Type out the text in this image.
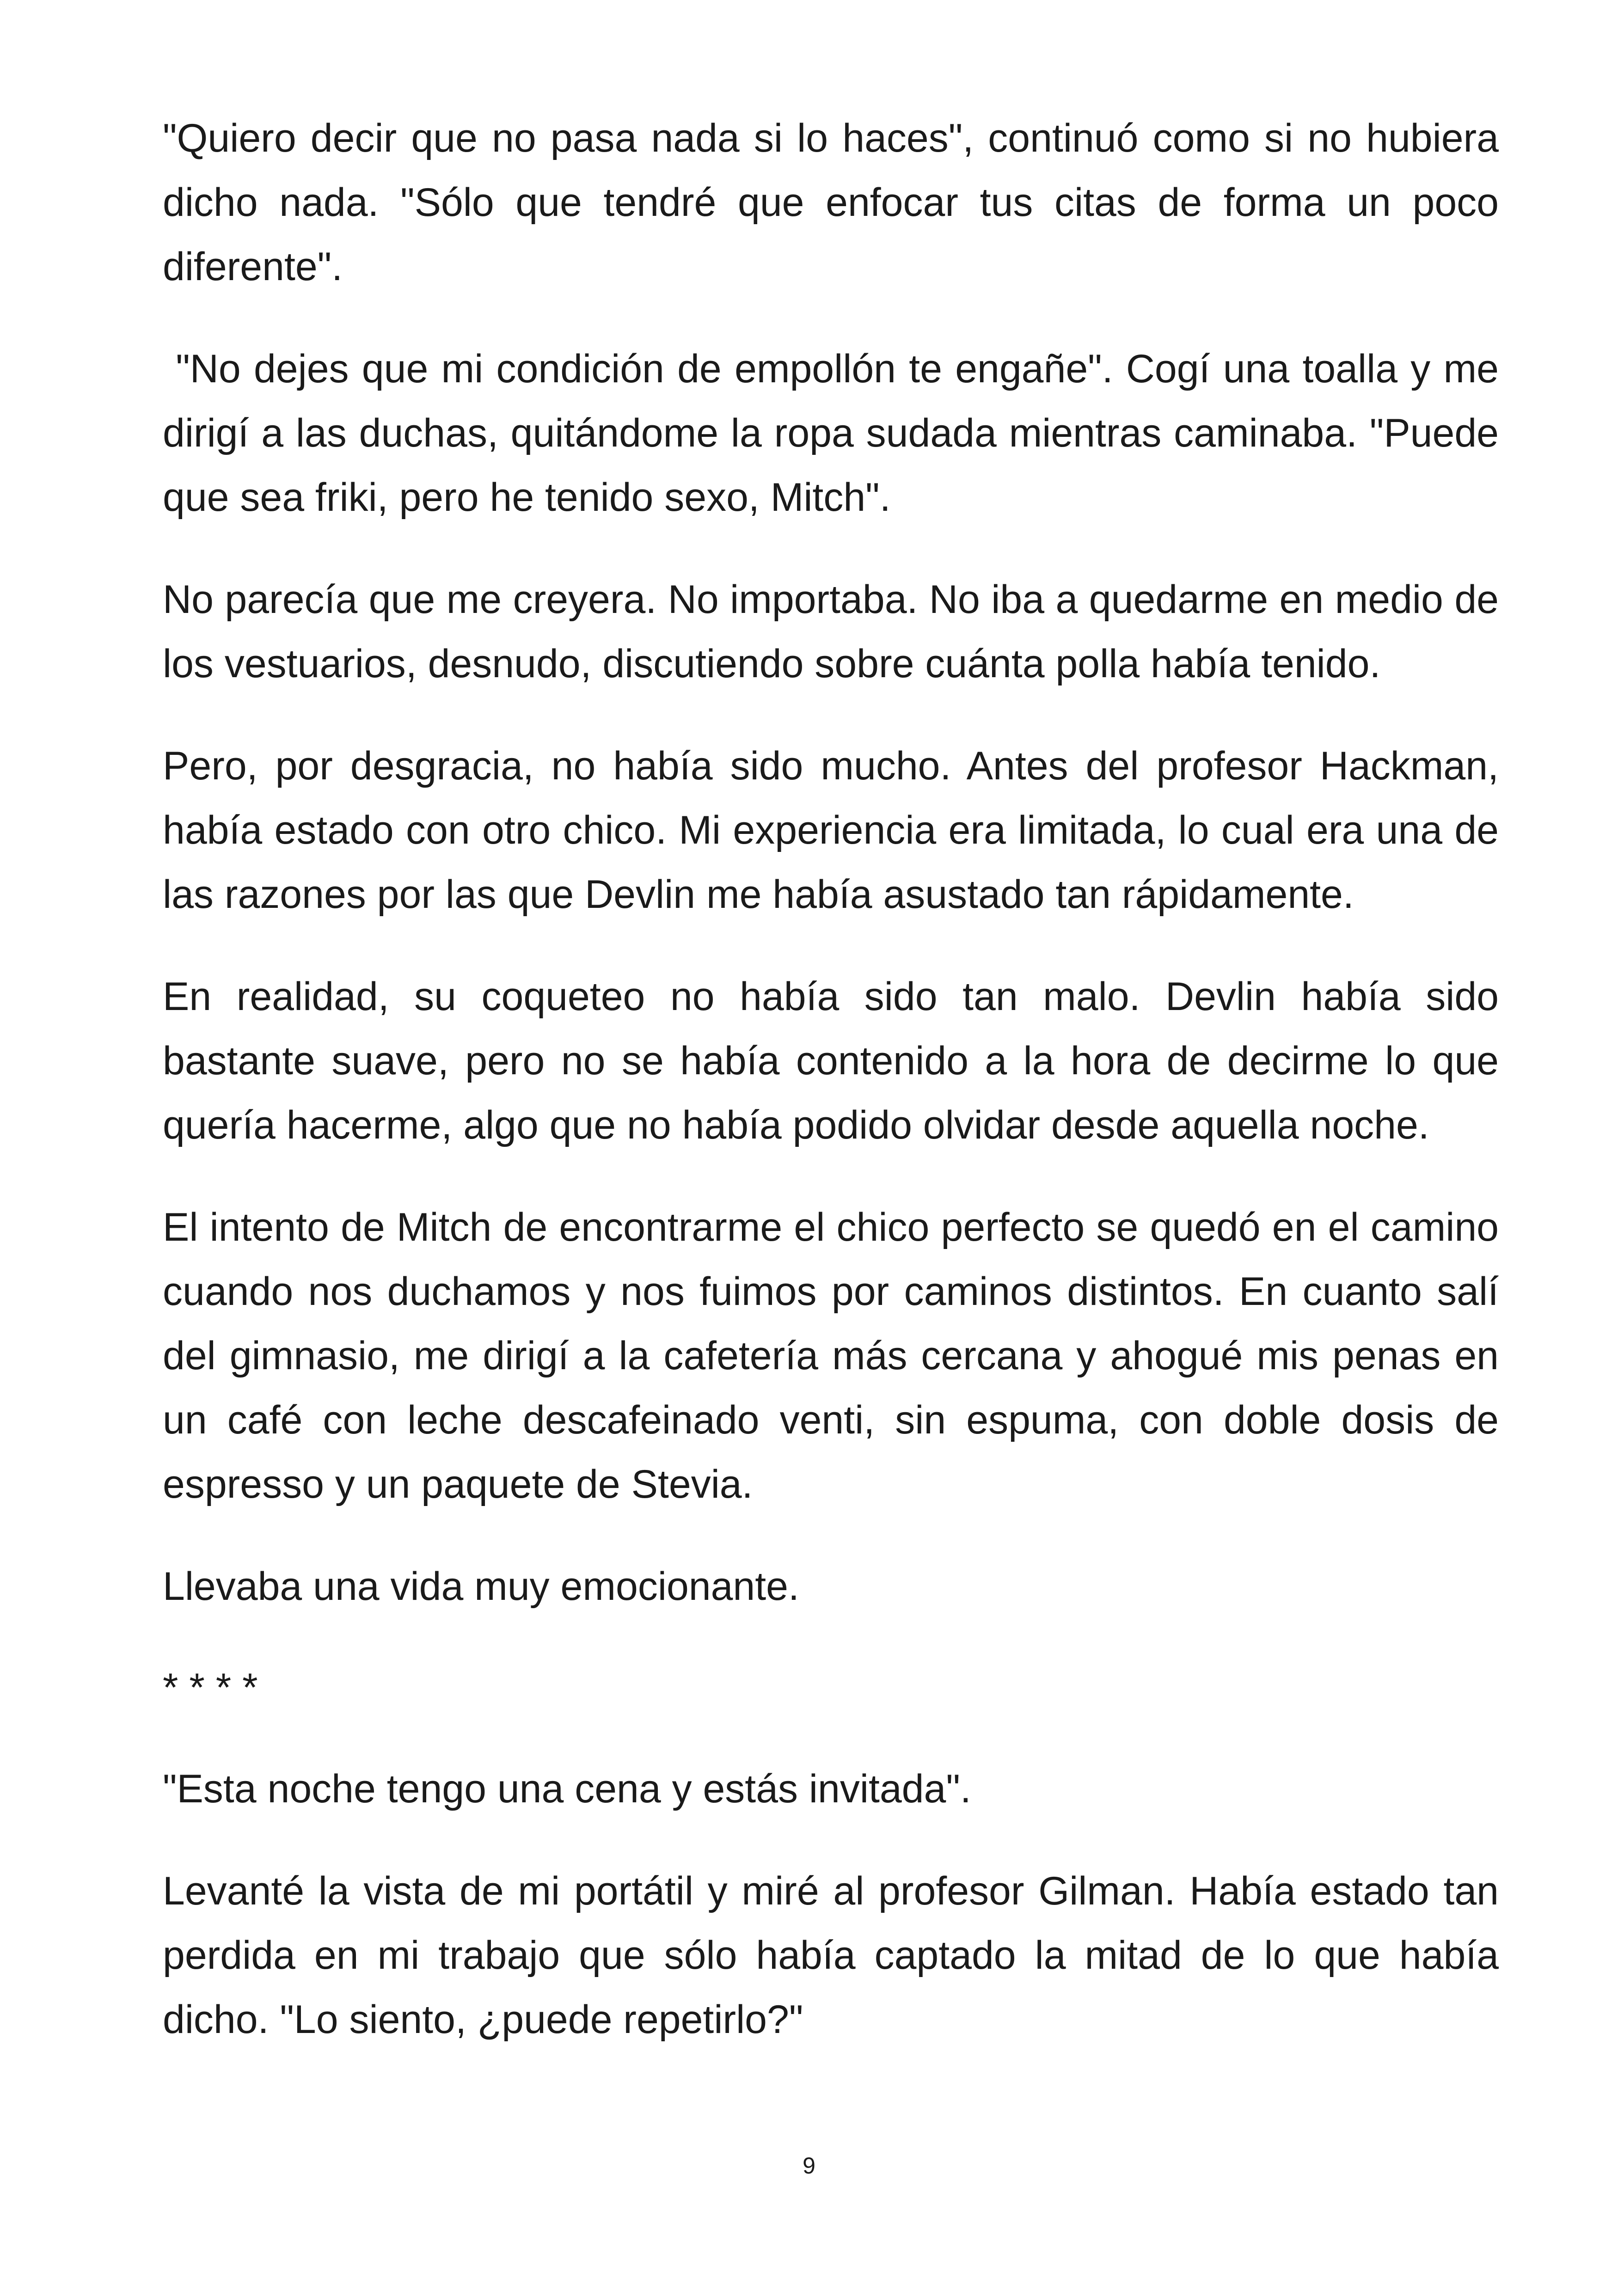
"Quiero decir que no pasa nada si lo haces", continuó como si no hubiera dicho nada. "Sólo que tendré que enfocar tus citas de forma un poco diferente".

"No dejes que mi condición de empollón te engañe". Cogí una toalla y me dirigí a las duchas, quitándome la ropa sudada mientras caminaba. "Puede que sea friki, pero he tenido sexo, Mitch".

No parecía que me creyera. No importaba. No iba a quedarme en medio de los vestuarios, desnudo, discutiendo sobre cuánta polla había tenido.

Pero, por desgracia, no había sido mucho. Antes del profesor Hackman, había estado con otro chico. Mi experiencia era limitada, lo cual era una de las razones por las que Devlin me había asustado tan rápidamente.

En realidad, su coqueteo no había sido tan malo. Devlin había sido bastante suave, pero no se había contenido a la hora de decirme lo que quería hacerme, algo que no había podido olvidar desde aquella noche.

El intento de Mitch de encontrarme el chico perfecto se quedó en el camino cuando nos duchamos y nos fuimos por caminos distintos. En cuanto salí del gimnasio, me dirigí a la cafetería más cercana y ahogué mis penas en un café con leche descafeinado venti, sin espuma, con doble dosis de espresso y un paquete de Stevia.

Llevaba una vida muy emocionante.

* * * *

"Esta noche tengo una cena y estás invitada".

Levanté la vista de mi portátil y miré al profesor Gilman. Había estado tan perdida en mi trabajo que sólo había captado la mitad de lo que había dicho. "Lo siento, ¿puede repetirlo?"

9
